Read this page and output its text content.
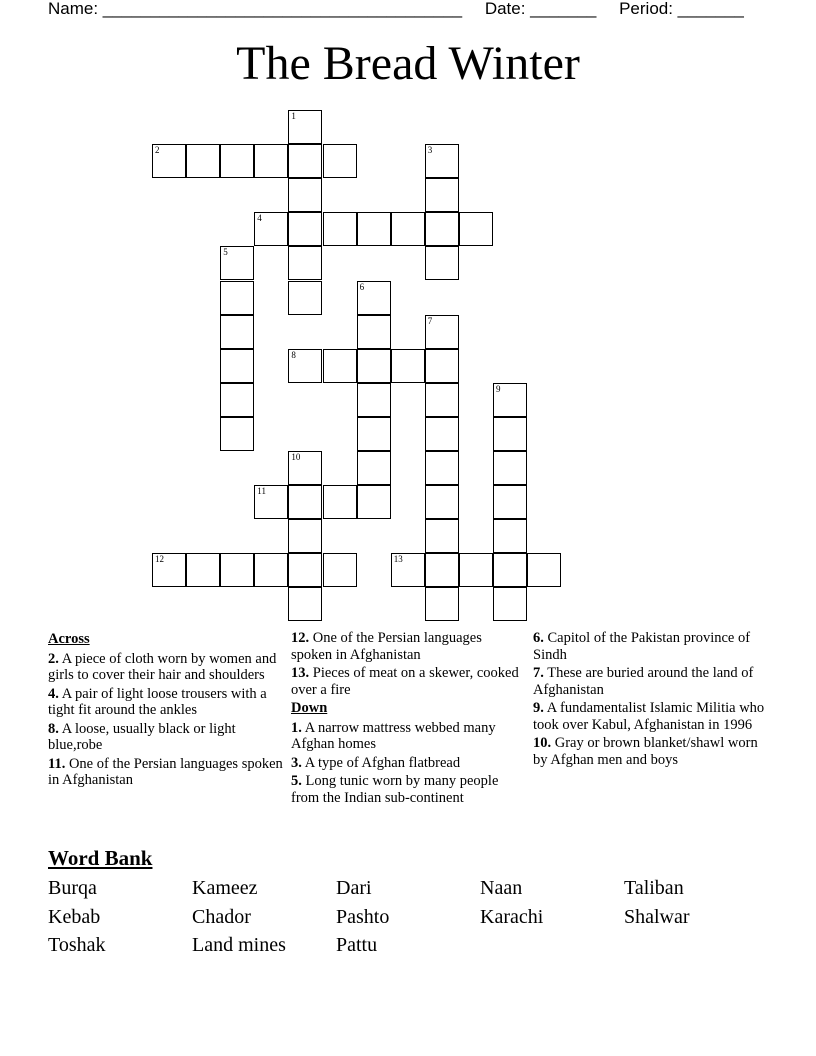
Name: ______________________________________ Date: _______ Period: _______
The Bread Winter
1
2	3
4
5
6
7
8
9
10
11
12	13
Across
2. A piece of cloth worn by women and girls to cover their hair and shoulders
4. A pair of light loose trousers with a tight fit around the ankles
8. A loose, usually black or light blue,robe
11. One of the Persian languages spoken in Afghanistan
12. One of the Persian languages spoken in Afghanistan
13. Pieces of meat on a skewer, cooked over a fire
Down
1. A narrow mattress webbed many Afghan homes
3. A type of Afghan flatbread
5. Long tunic worn by many people from the Indian sub-continent
6. Capitol of the Pakistan province of Sindh
7. These are buried around the land of Afghanistan
9. A fundamentalist Islamic Militia who took over Kabul, Afghanistan in 1996
10. Gray or brown blanket/shawl worn by Afghan men and boys
Word Bank
Burqa	Kameez	Dari	Naan	Taliban
Kebab	Chador	Pashto	Karachi	Shalwar
Toshak	Land mines	Pattu
